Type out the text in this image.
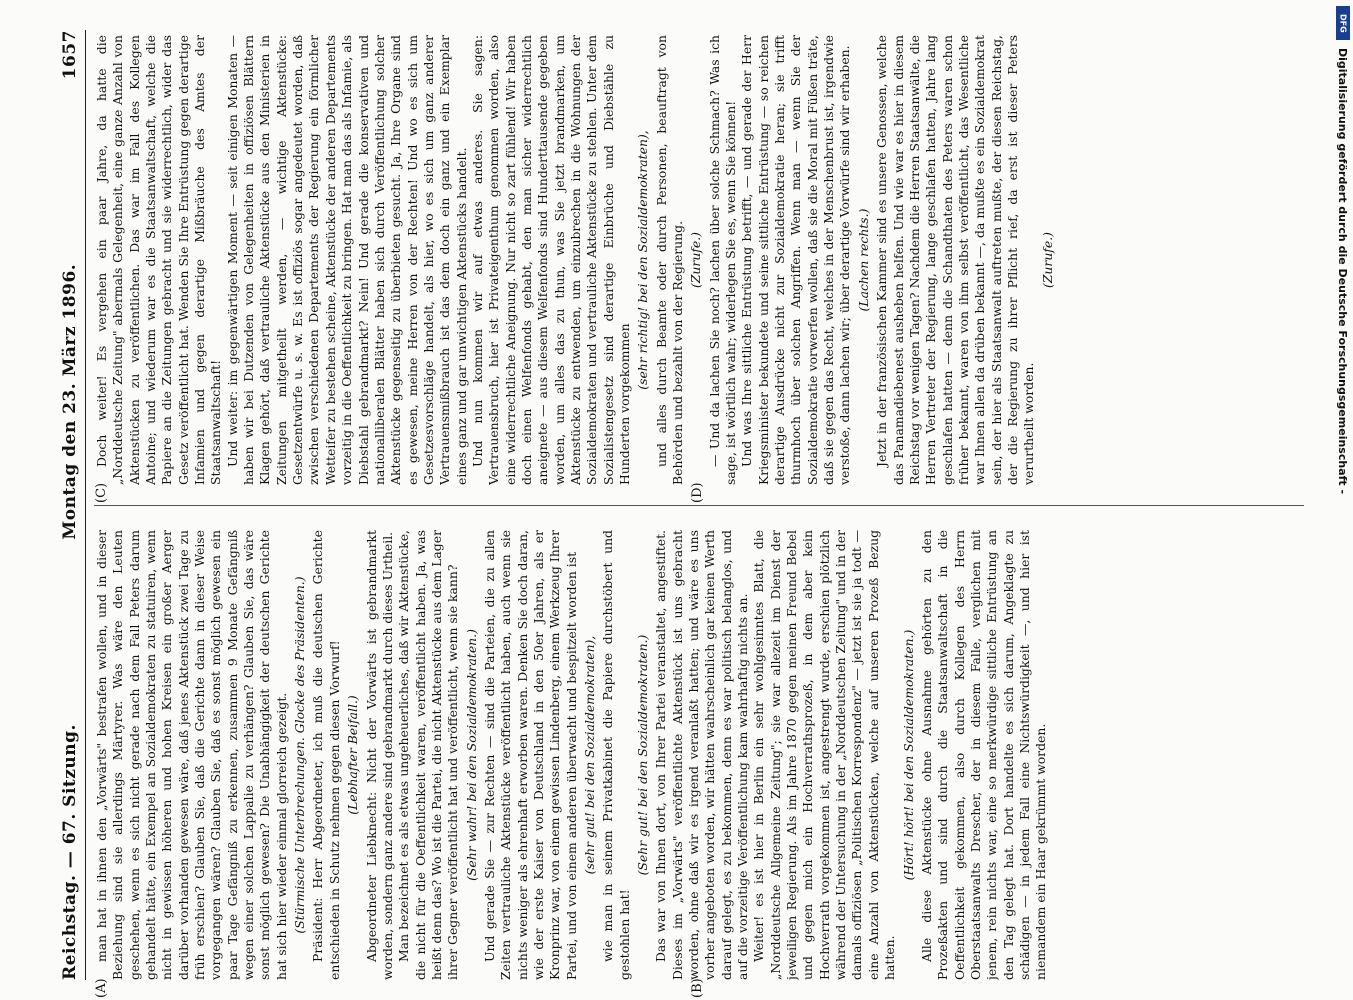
Reichstag. — 67. Sitzung.
Montag den 23. März 1896.
1657

man hat in ihnen den „Vorwärts" bestrafen wollen, und in dieser Beziehung sind sie allerdings Märtyrer. Was wäre den Leuten geschehen, wenn es sich nicht gerade nach dem Fall Peters darum gehandelt hätte, ein Exempel an Sozialdemokraten zu statuiren, wenn nicht in gewissen höheren und hohen Kreisen ein großer Aerger darüber vorhanden gewesen wäre, daß jenes Aktenstück zwei Tage zu früh erschien? Glauben Sie, daß die Gerichte dann in dieser Weise vorgegangen wären? Glauben Sie, daß es sonst möglich gewesen ein paar Tage Gefängniß zu erkennen, zusammen 9 Monate Gefängniß wegen einer solchen Lappalie zu verhängen? Glauben Sie, das wäre sonst möglich gewesen? Die Unabhängigkeit der deutschen Gerichte hat sich hier wieder einmal glorreich gezeigt. (Stürmische Unterbrechungen. Glocke des Präsidenten.) Präsident: Herr Abgeordneter, ich muß die deutschen Gerichte entschieden in Schutz nehmen gegen diesen Vorwurf! (Lebhafter Beifall.) Abgeordneter Liebknecht: Nicht der Vorwärts ist gebrandmarkt worden, sondern ganz andere sind gebrandmarkt durch dieses Urtheil. Man bezeichnet es als etwas ungeheuerliches, daß wir Aktenstücke, die nicht für die Oeffentlichkeit waren, veröffentlicht haben. Ja, was heißt denn das? Wo ist die Partei, die nicht Aktenstücke aus dem Lager ihrer Gegner veröffentlicht hat und veröffentlicht, wenn sie kann? (Sehr wahr! bei den Sozialdemokraten.) Und gerade Sie — zur Rechten — sind die Parteien, die zu allen Zeiten vertrauliche Aktenstücke veröffentlicht haben, auch wenn sie nichts weniger als ehrenhaft erworben waren. Denken Sie doch daran, wie der erste Kaiser von Deutschland in den 50er Jahren, als er Kronprinz war, von einem gewissen Lindenberg, einem Werkzeug Ihrer Partei, und von einem anderen überwacht und bespitzelt worden ist (sehr gut! bei den Sozialdemokraten), wie man in seinem Privatkabinet die Papiere durchstöbert und gestohlen hat!

(Sehr gut! bei den Sozialdemokraten.) Das war von Ihnen dort, von Ihrer Partei veranstaltet, angestiftet. Dieses im „Vorwärts" veröffentlichte Aktenstück ist uns gebracht worden, ohne daß wir es irgend veranlaßt hatten; und wäre es uns vorher angeboten worden, wir hätten wahrscheinlich gar keinen Werth darauf gelegt, es zu bekommen, denn es war politisch belanglos, und auf die vorzeitige Veröffentlichung kam wahrhaftig nichts an. Weiter! es ist hier in Berlin ein sehr wohlgesinntes Blatt, die „Norddeutsche Allgemeine Zeitung"; sie war allezeit im Dienst der jeweiligen Regierung. Als im Jahre 1870 gegen meinen Freund Bebel und gegen mich ein Hochverrathsprozeß, in dem aber kein Hochverrath vorgekommen ist, angestrengt wurde, erschien plötzlich während der Untersuchung in der „Norddeutschen Zeitung" und in der damals offiziösen „Politischen Korrespondenz" — jetzt ist sie ja todt — eine Anzahl von Aktenstücken, welche auf unseren Prozeß Bezug hatten.

(Hört! hört! bei den Sozialdemokraten.) Alle diese Aktenstücke ohne Ausnahme gehörten zu den Prozeßakten und sind durch die Staatsanwaltschaft in die Oeffentlichkeit gekommen, also durch Kollegen des Herrn Oberstaatsanwalts Drescher, der in diesem Falle, verglichen mit jenem, rein nichts war, eine so merkwürdige sittliche Entrüstung an den Tag gelegt hat. Dort handelte es sich darum, Angeklagte zu schädigen — in jedem Fall eine Nichtswürdigkeit —, und hier ist niemandem ein Haar gekrümmt worden.

Doch weiter! Es vergehen ein paar Jahre, da hatte die „Norddeutsche Zeitung" abermals Gelegenheit, eine ganze Anzahl von Aktenstücken zu veröffentlichen. Das war im Fall des Kollegen Antoine; und wiederum war es die Staatsanwaltschaft, welche die Papiere an die Zeitungen gebracht und sie widerrechtlich, wider das Gesetz veröffentlicht hat. Wenden Sie Ihre Entrüstung gegen derartige Infamien und gegen derartige Mißbräuche des Amtes der Staatsanwaltschaft! Und weiter: im gegenwärtigen Moment — seit einigen Monaten — haben wir bei Dutzenden von Gelegenheiten in offiziösen Blättern Klagen gehört, daß vertrauliche Aktenstücke aus den Ministerien in Zeitungen mitgetheilt werden, — wichtige Aktenstücke: Gesetzentwürfe u. s. w. Es ist offiziös sogar angedeutet worden, daß zwischen verschiedenen Departements der Regierung ein förmlicher Wetteifer zu bestehen scheine, Aktenstücke der anderen Departements vorzeitig in die Oeffentlichkeit zu bringen. Hat man das als Infamie, als Diebstahl gebrandmarkt? Nein! Und gerade die konservativen und nationalliberalen Blätter haben sich durch Veröffentlichung solcher Aktenstücke gegenseitig zu überbieten gesucht. Ja, Ihre Organe sind es gewesen, meine Herren von der Rechten! Und wo es sich um Gesetzesvorschläge handelt, als hier, wo es sich um ganz anderer Vertrauensmißbrauch ist das dem doch ein ganz und ein Exemplar eines ganz und gar unwichtigen Aktenstücks handelt. Und nun kommen wir auf etwas anderes. Sie sagen: Vertrauensbruch, hier ist Privateigenthum genommen worden, also eine widerrechtliche Aneignung. Nur nicht so zart fühlend! Wir haben doch einen Welfenfonds gehabt, den man sicher widerrechtlich aneignete — aus diesem Welfenfonds sind Hunderttausende gegeben worden, um alles das zu thun, was Sie jetzt brandmarken, um Aktenstücke zu entwenden, um einzubrechen in die Wohnungen der Sozialdemokraten und vertrauliche Aktenstücke zu stehlen. Unter dem Sozialistengesetz sind derartige Einbrüche und Diebstähle zu Hunderten vorgekommen

(sehr richtig! bei den Sozialdemokraten), und alles durch Beamte oder durch Personen, beauftragt von Behörden und bezahlt von der Regierung. (Zurufe.) — Und da lachen Sie noch? lachen über solche Schmach? Was ich sage, ist wörtlich wahr; widerlegen Sie es, wenn Sie können! Und was Ihre sittliche Entrüstung betrifft, — und gerade der Herr Kriegsminister bekundete und seine sittliche Entrüstung — so reichen derartige Ausdrücke nicht zur Sozialdemokratie heran; sie trifft thurmhoch über solchen Angriffen. Wenn man — wenn Sie der Sozialdemokratie vorwerfen wollen, daß sie die Moral mit Füßen träte, daß sie gegen das Recht, welches in der Menschenbrust ist, irgendwie verstoße, dann lachen wir; über derartige Vorwürfe sind wir erhaben. (Lachen rechts.) Jetzt in der französischen Kammer sind es unsere Genossen, welche das Panamadiebenest ausheben helfen. Und wie war es hier in diesem Reichstag vor wenigen Tagen? Nachdem die Herren Staatsanwälte, die Herren Vertreter der Regierung, lange geschlafen hatten, Jahre lang geschlafen hatten — denn die Schandthaten des Peters waren schon früher bekannt, waren von ihm selbst veröffentlicht, das Wesentliche war Ihnen allen da drüben bekannt —, da mußte es ein Sozialdemokrat sein, der hier als Staatsanwalt auftreten mußte, der diesen Reichstag, der die Regierung zu ihrer Pflicht rief, da erst ist dieser Peters verurtheilt worden.

(Zurufe.)

(A)	(B)
(C)	(D)	Digitalisierung gefördert durch die Deutsche Forschungsgemeinschaft -
DFG
